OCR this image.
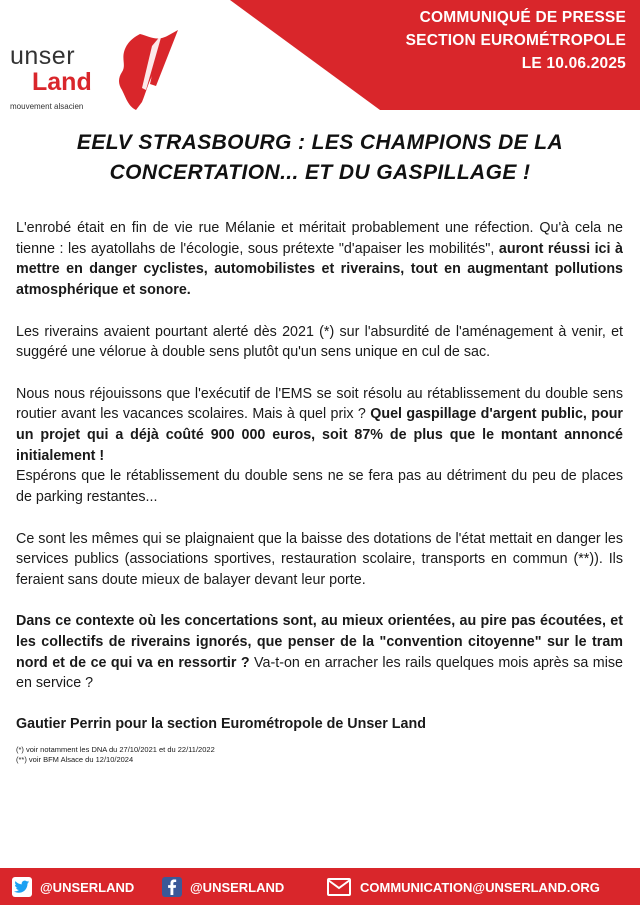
COMMUNIQUÉ DE PRESSE
SECTION EUROMÉTROPOLE
LE 10.06.2025
unser
Land
mouvement alsacien
EELV STRASBOURG : LES CHAMPIONS DE LA
CONCERTATION... ET DU GASPILLAGE !

L'enrobé était en fin de vie rue Mélanie et méritait probablement une réfection. Qu'à cela ne tienne : les ayatollahs de l'écologie, sous prétexte "d'apaiser les mobilités", auront réussi ici à mettre en danger cyclistes, automobilistes et riverains, tout en augmentant pollutions atmosphérique et sonore.

Les riverains avaient pourtant alerté dès 2021 (*) sur l'absurdité de l'aménagement à venir, et suggéré une vélorue à double sens plutôt qu'un sens unique en cul de sac.

Nous nous réjouissons que l'exécutif de l'EMS se soit résolu au rétablissement du double sens routier avant les vacances scolaires. Mais à quel prix ? Quel gaspillage d'argent public, pour un projet qui a déjà coûté 900 000 euros, soit 87% de plus que le montant annoncé initialement !

Espérons que le rétablissement du double sens ne se fera pas au détriment du peu de places de parking restantes...

Ce sont les mêmes qui se plaignaient que la baisse des dotations de l'état mettait en danger les services publics (associations sportives, restauration scolaire, transports en commun (**)). Ils feraient sans doute mieux de balayer devant leur porte.

Dans ce contexte où les concertations sont, au mieux orientées, au pire pas écoutées, et les collectifs de riverains ignorés, que penser de la "convention citoyenne" sur le tram nord et de ce qui va en ressortir ? Va-t-on en arracher les rails quelques mois après sa mise en service ?

Gautier Perrin pour la section Eurométropole de Unser Land

(*) voir notamment les DNA du 27/10/2021 et du 22/11/2022
(**) voir BFM Alsace du 12/10/2024
@UNSERLAND	@UNSERLAND	COMMUNICATION@UNSERLAND.ORG
